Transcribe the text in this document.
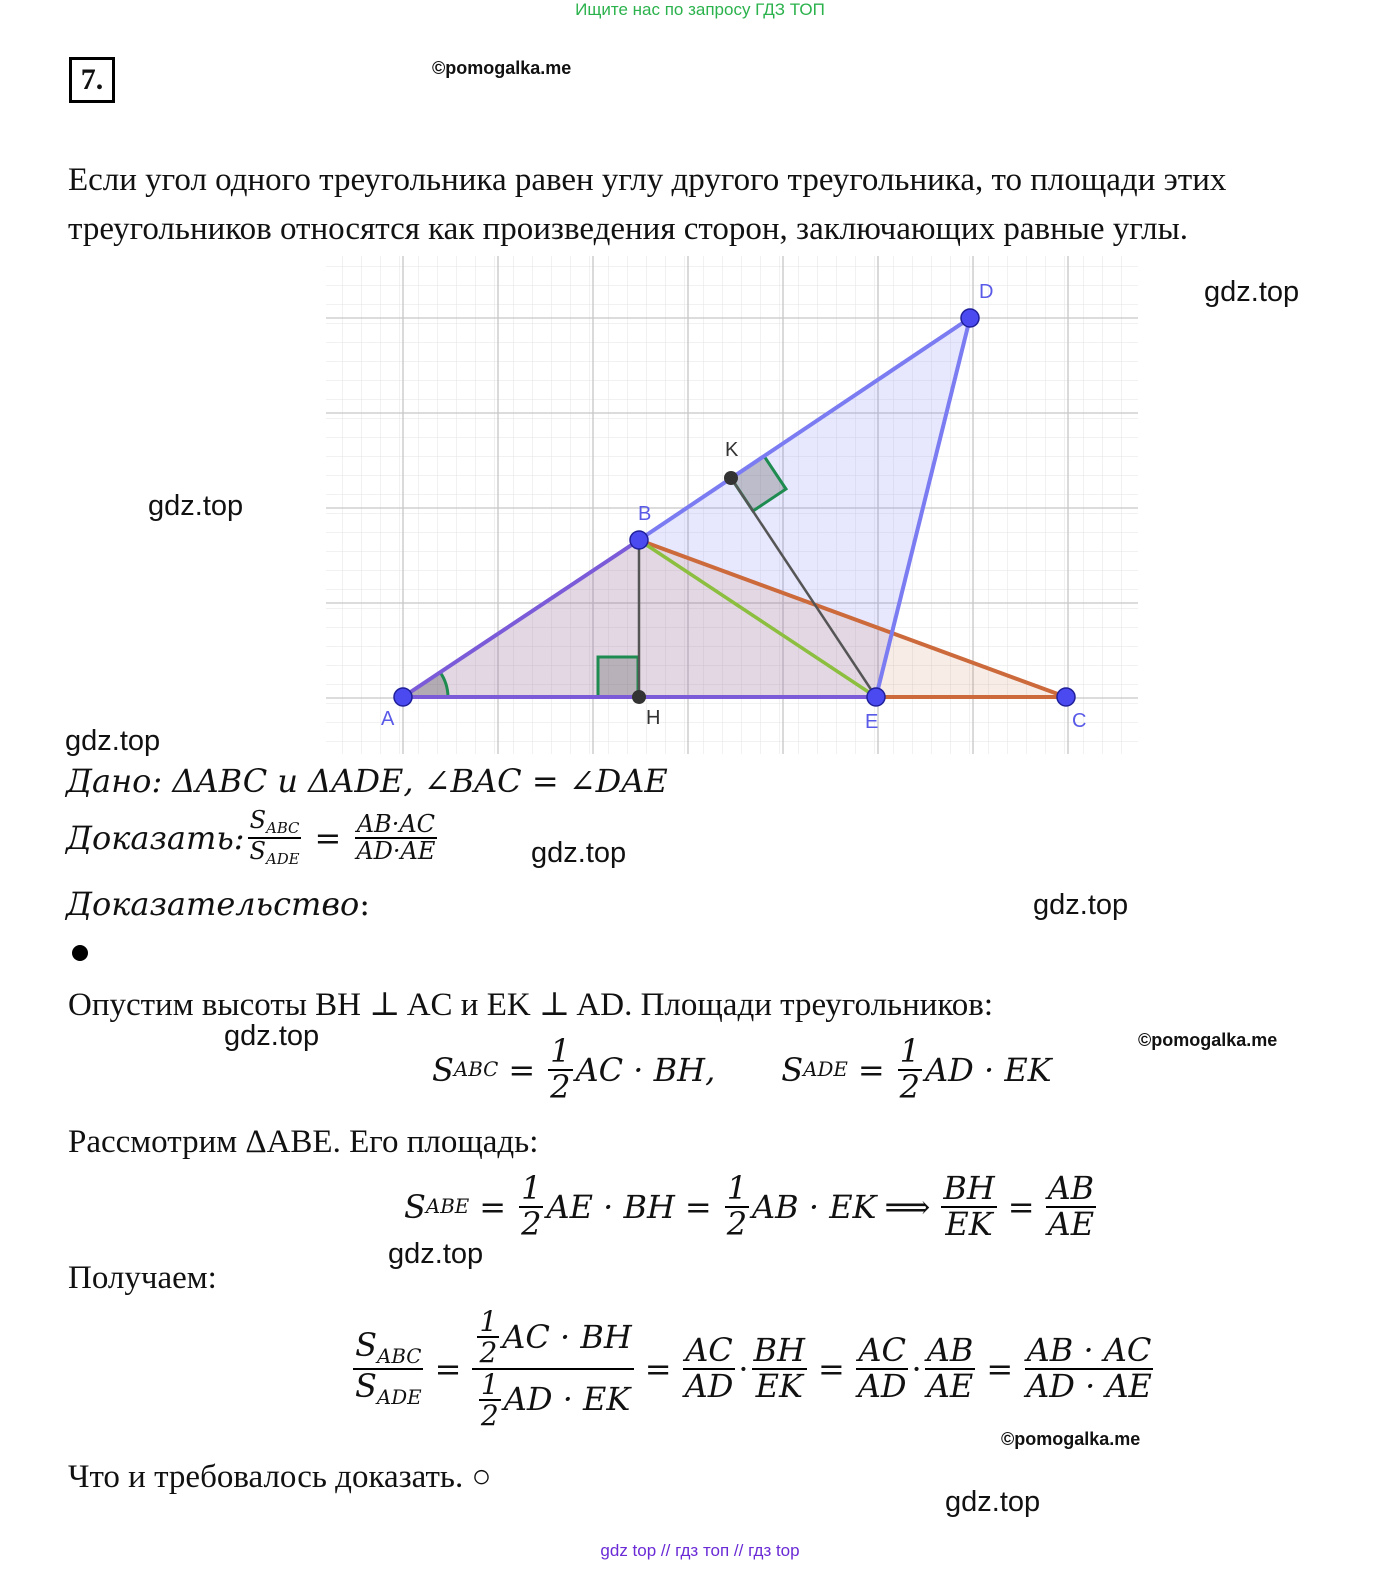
Ищите нас по запросу ГДЗ ТОП
gdz top // гдз топ // гдз top
7.	©pomogalka.me
©pomogalka.me
©pomogalka.me
gdz.top
gdz.top
gdz.top
gdz.top
gdz.top
gdz.top
gdz.top
gdz.top
Если угол одного треугольника равен углу другого треугольника, то площади этих
треугольников относятся как произведения сторон, заключающих равные углы.
A
B
C
D
E
H
K
Дано: ΔABC и ΔADE, ∠BAC = ∠DAE
Доказать : $\frac{S_{ABC}}{S_{ADE}} = \frac{AB\cdot AC}{AD\cdot AE}$
Доказательство:
Опустим высоты BH ⊥ AC и EK ⊥ AD. Площади треугольников:
S ABC = $\frac{1}{2}$ AC · BH, S ADE = $\frac{1}{2}$ AD · EK
Рассмотрим ΔABE. Его площадь:
S ABE = $\frac{1}{2}$ AE · BH = $\frac{1}{2}$ AB · EK ⟹ $\frac{BH}{EK} = \frac{AB}{AE}$
Получаем:
$\frac{S_{ABC}}{S_{ADE}} = \frac{\frac{1}{2} AC \cdot BH}{\frac{1}{2} AD \cdot EK} = \frac{AC}{AD} \cdot \frac{BH}{EK} = \frac{AC}{AD} \cdot \frac{AB}{AE} = \frac{AB \cdot AC}{AD \cdot AE}$
Что и требовалось доказать. ○
